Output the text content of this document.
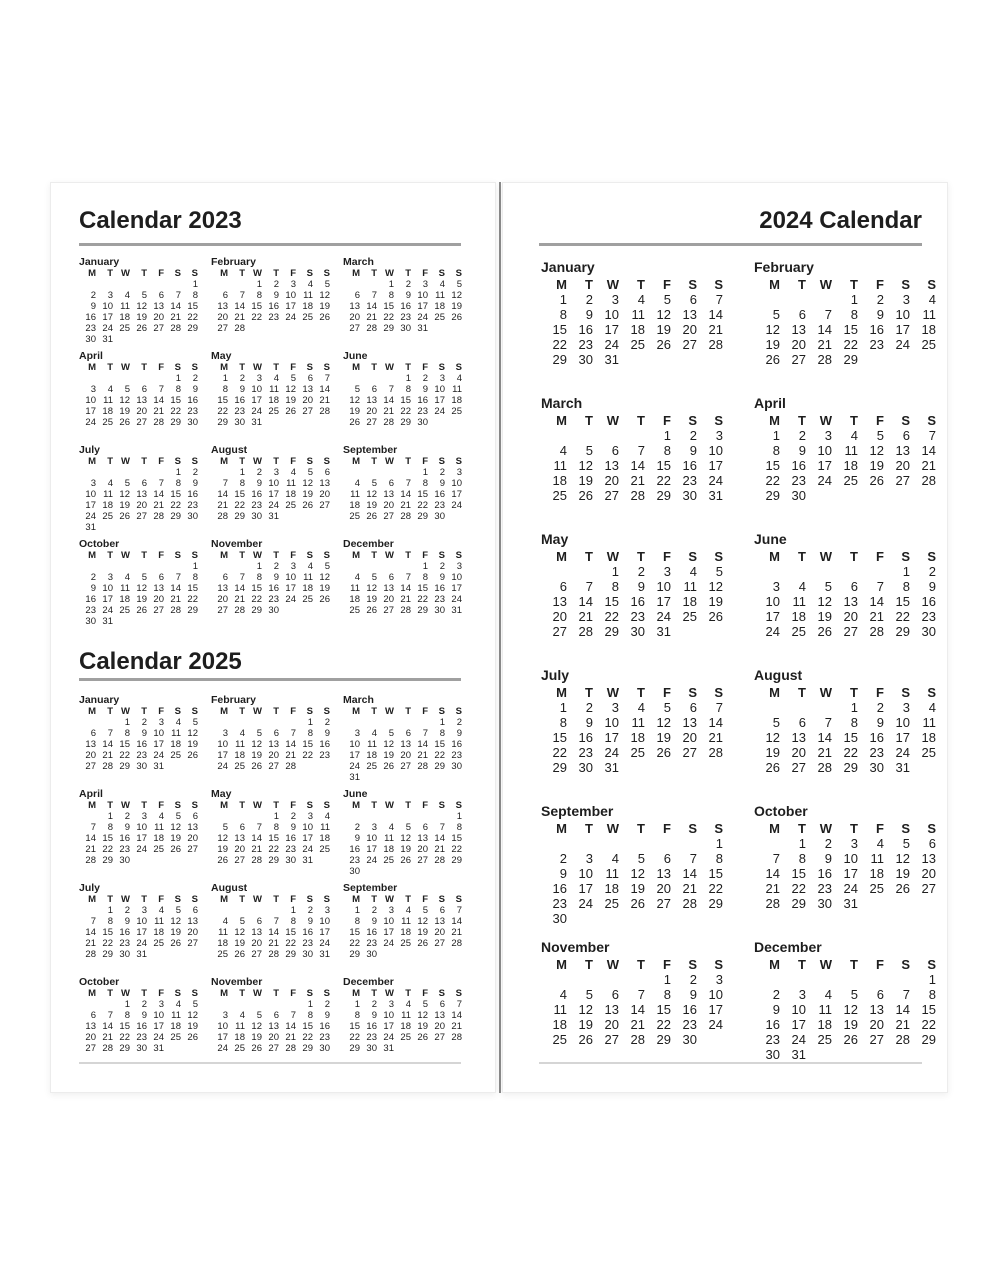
Calendar 2023
January
M	T	W	T	F	S	S
						1
2	3	4	5	6	7	8
9	10	11	12	13	14	15
16	17	18	19	20	21	22
23	24	25	26	27	28	29
30	31					
February
M	T	W	T	F	S	S
		1	2	3	4	5
6	7	8	9	10	11	12
13	14	15	16	17	18	19
20	21	22	23	24	25	26
27	28					
March
M	T	W	T	F	S	S
		1	2	3	4	5
6	7	8	9	10	11	12
13	14	15	16	17	18	19
20	21	22	23	24	25	26
27	28	29	30	31		
April
M	T	W	T	F	S	S
					1	2
3	4	5	6	7	8	9
10	11	12	13	14	15	16
17	18	19	20	21	22	23
24	25	26	27	28	29	30
May
M	T	W	T	F	S	S
1	2	3	4	5	6	7
8	9	10	11	12	13	14
15	16	17	18	19	20	21
22	23	24	25	26	27	28
29	30	31				
June
M	T	W	T	F	S	S
			1	2	3	4
5	6	7	8	9	10	11
12	13	14	15	16	17	18
19	20	21	22	23	24	25
26	27	28	29	30		
July
M	T	W	T	F	S	S
					1	2
3	4	5	6	7	8	9
10	11	12	13	14	15	16
17	18	19	20	21	22	23
24	25	26	27	28	29	30
31						
August
M	T	W	T	F	S	S
	1	2	3	4	5	6
7	8	9	10	11	12	13
14	15	16	17	18	19	20
21	22	23	24	25	26	27
28	29	30	31			
September
M	T	W	T	F	S	S
				1	2	3
4	5	6	7	8	9	10
11	12	13	14	15	16	17
18	19	20	21	22	23	24
25	26	27	28	29	30	
October
M	T	W	T	F	S	S
						1
2	3	4	5	6	7	8
9	10	11	12	13	14	15
16	17	18	19	20	21	22
23	24	25	26	27	28	29
30	31					
November
M	T	W	T	F	S	S
		1	2	3	4	5
6	7	8	9	10	11	12
13	14	15	16	17	18	19
20	21	22	23	24	25	26
27	28	29	30			
December
M	T	W	T	F	S	S
				1	2	3
4	5	6	7	8	9	10
11	12	13	14	15	16	17
18	19	20	21	22	23	24
25	26	27	28	29	30	31
Calendar 2025
January
M	T	W	T	F	S	S
		1	2	3	4	5
6	7	8	9	10	11	12
13	14	15	16	17	18	19
20	21	22	23	24	25	26
27	28	29	30	31		
February
M	T	W	T	F	S	S
					1	2
3	4	5	6	7	8	9
10	11	12	13	14	15	16
17	18	19	20	21	22	23
24	25	26	27	28		
March
M	T	W	T	F	S	S
					1	2
3	4	5	6	7	8	9
10	11	12	13	14	15	16
17	18	19	20	21	22	23
24	25	26	27	28	29	30
31						
April
M	T	W	T	F	S	S
	1	2	3	4	5	6
7	8	9	10	11	12	13
14	15	16	17	18	19	20
21	22	23	24	25	26	27
28	29	30				
May
M	T	W	T	F	S	S
			1	2	3	4
5	6	7	8	9	10	11
12	13	14	15	16	17	18
19	20	21	22	23	24	25
26	27	28	29	30	31	
June
M	T	W	T	F	S	S
						1
2	3	4	5	6	7	8
9	10	11	12	13	14	15
16	17	18	19	20	21	22
23	24	25	26	27	28	29
30						
July
M	T	W	T	F	S	S
	1	2	3	4	5	6
7	8	9	10	11	12	13
14	15	16	17	18	19	20
21	22	23	24	25	26	27
28	29	30	31			
August
M	T	W	T	F	S	S
				1	2	3
4	5	6	7	8	9	10
11	12	13	14	15	16	17
18	19	20	21	22	23	24
25	26	27	28	29	30	31
September
M	T	W	T	F	S	S
1	2	3	4	5	6	7
8	9	10	11	12	13	14
15	16	17	18	19	20	21
22	23	24	25	26	27	28
29	30					
October
M	T	W	T	F	S	S
		1	2	3	4	5
6	7	8	9	10	11	12
13	14	15	16	17	18	19
20	21	22	23	24	25	26
27	28	29	30	31		
November
M	T	W	T	F	S	S
					1	2
3	4	5	6	7	8	9
10	11	12	13	14	15	16
17	18	19	20	21	22	23
24	25	26	27	28	29	30
December
M	T	W	T	F	S	S
1	2	3	4	5	6	7
8	9	10	11	12	13	14
15	16	17	18	19	20	21
22	23	24	25	26	27	28
29	30	31				
2024 Calendar
January
M	T	W	T	F	S	S
1	2	3	4	5	6	7
8	9	10	11	12	13	14
15	16	17	18	19	20	21
22	23	24	25	26	27	28
29	30	31				
February
M	T	W	T	F	S	S
			1	2	3	4
5	6	7	8	9	10	11
12	13	14	15	16	17	18
19	20	21	22	23	24	25
26	27	28	29			
March
M	T	W	T	F	S	S
				1	2	3
4	5	6	7	8	9	10
11	12	13	14	15	16	17
18	19	20	21	22	23	24
25	26	27	28	29	30	31
April
M	T	W	T	F	S	S
1	2	3	4	5	6	7
8	9	10	11	12	13	14
15	16	17	18	19	20	21
22	23	24	25	26	27	28
29	30					
May
M	T	W	T	F	S	S
		1	2	3	4	5
6	7	8	9	10	11	12
13	14	15	16	17	18	19
20	21	22	23	24	25	26
27	28	29	30	31		
June
M	T	W	T	F	S	S
					1	2
3	4	5	6	7	8	9
10	11	12	13	14	15	16
17	18	19	20	21	22	23
24	25	26	27	28	29	30
July
M	T	W	T	F	S	S
1	2	3	4	5	6	7
8	9	10	11	12	13	14
15	16	17	18	19	20	21
22	23	24	25	26	27	28
29	30	31				
August
M	T	W	T	F	S	S
			1	2	3	4
5	6	7	8	9	10	11
12	13	14	15	16	17	18
19	20	21	22	23	24	25
26	27	28	29	30	31	
September
M	T	W	T	F	S	S
						1
2	3	4	5	6	7	8
9	10	11	12	13	14	15
16	17	18	19	20	21	22
23	24	25	26	27	28	29
30						
October
M	T	W	T	F	S	S
	1	2	3	4	5	6
7	8	9	10	11	12	13
14	15	16	17	18	19	20
21	22	23	24	25	26	27
28	29	30	31			
November
M	T	W	T	F	S	S
				1	2	3
4	5	6	7	8	9	10
11	12	13	14	15	16	17
18	19	20	21	22	23	24
25	26	27	28	29	30	
December
M	T	W	T	F	S	S
						1
2	3	4	5	6	7	8
9	10	11	12	13	14	15
16	17	18	19	20	21	22
23	24	25	26	27	28	29
30	31					
